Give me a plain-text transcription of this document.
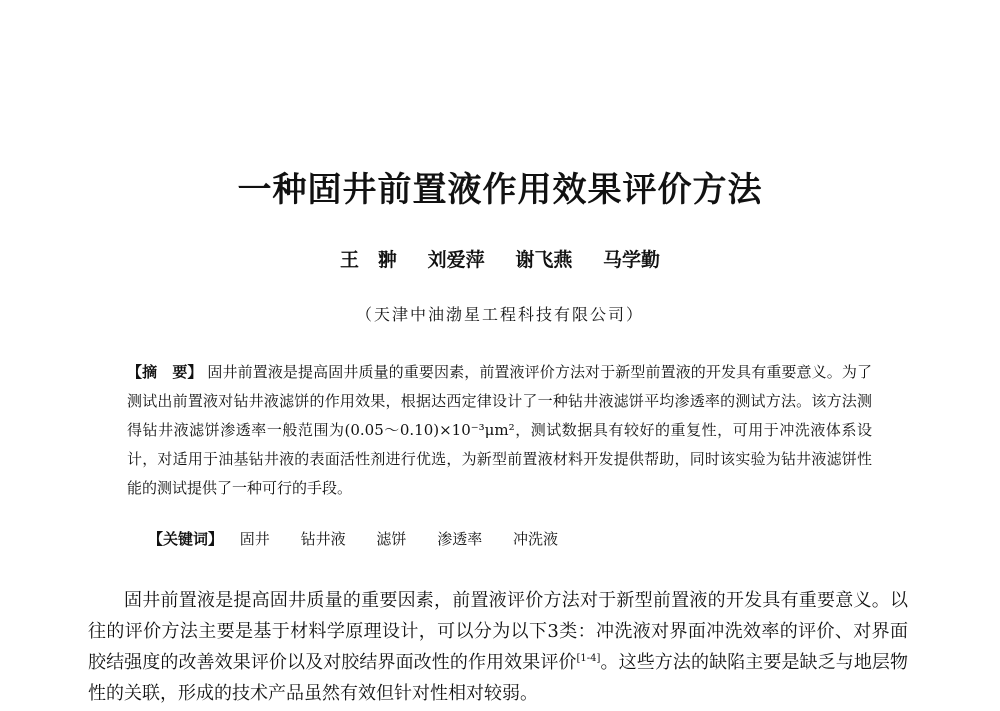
一种固井前置液作用效果评价方法
王　翀 刘爱萍 谢飞燕 马学勤
（天津中油渤星工程科技有限公司）
【摘　要】 固井前置液是提高固井质量的重要因素，前置液评价方法对于新型前置液的开发具有重要意义。为了测试出前置液对钻井液滤饼的作用效果，根据达西定律设计了一种钻井液滤饼平均渗透率的测试方法。该方法测得钻井液滤饼渗透率一般范围为(0.05～0.10)×10⁻³μm²，测试数据具有较好的重复性，可用于冲洗液体系设计，对适用于油基钻井液的表面活性剂进行优选，为新型前置液材料开发提供帮助，同时该实验为钻井液滤饼性能的测试提供了一种可行的手段。
【关键词】 固井 钻井液 滤饼 渗透率 冲洗液

固井前置液是提高固井质量的重要因素，前置液评价方法对于新型前置液的开发具有重要意义。以往的评价方法主要是基于材料学原理设计，可以分为以下3类：冲洗液对界面冲洗效率的评价、对界面胶结强度的改善效果评价以及对胶结界面改性的作用效果评价[1-4]。这些方法的缺陷主要是缺乏与地层物性的关联，形成的技术产品虽然有效但针对性相对较弱。
